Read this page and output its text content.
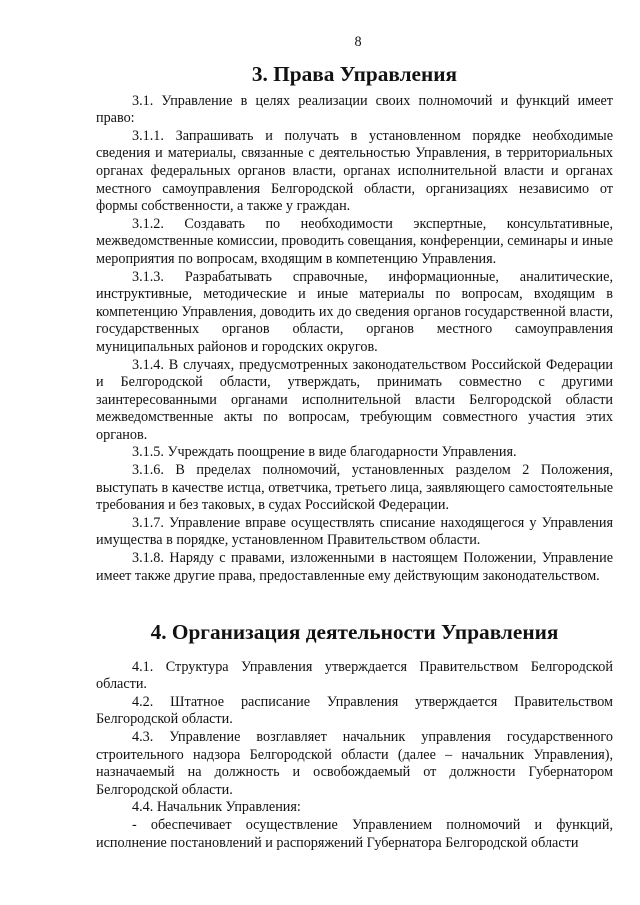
8
3. Права Управления

3.1. Управление в целях реализации своих полномочий и функций имеет право:

3.1.1. Запрашивать и получать в установленном порядке необходимые сведения и материалы, связанные с деятельностью Управления, в территориальных органах федеральных органов власти, органах исполнительной власти и органах местного самоуправления Белгородской области, организациях независимо от формы собственности, а также у граждан.

3.1.2. Создавать по необходимости экспертные, консультативные, межведомственные комиссии, проводить совещания, конференции, семинары и иные мероприятия по вопросам, входящим в компетенцию Управления.

3.1.3. Разрабатывать справочные, информационные, аналитические, инструктивные, методические и иные материалы по вопросам, входящим в компетенцию Управления, доводить их до сведения органов государственной власти, государственных органов области, органов местного самоуправления муниципальных районов и городских округов.

3.1.4. В случаях, предусмотренных законодательством Российской Федерации и Белгородской области, утверждать, принимать совместно с другими заинтересованными органами исполнительной власти Белгородской области межведомственные акты по вопросам, требующим совместного участия этих органов.

3.1.5. Учреждать поощрение в виде благодарности Управления.

3.1.6. В пределах полномочий, установленных разделом 2 Положения, выступать в качестве истца, ответчика, третьего лица, заявляющего самостоятельные требования и без таковых, в судах Российской Федерации.

3.1.7. Управление вправе осуществлять списание находящегося у Управления имущества в порядке, установленном Правительством области.

3.1.8. Наряду с правами, изложенными в настоящем Положении, Управление имеет также другие права, предоставленные ему действующим законодательством.

4. Организация деятельности Управления

4.1. Структура Управления утверждается Правительством Белгородской области.

4.2. Штатное расписание Управления утверждается Правительством Белгородской области.

4.3. Управление возглавляет начальник управления государственного строительного надзора Белгородской области (далее – начальник Управления), назначаемый на должность и освобождаемый от должности Губернатором Белгородской области.

4.4. Начальник Управления:

- обеспечивает осуществление Управлением полномочий и функций, исполнение постановлений и распоряжений Губернатора Белгородской области
